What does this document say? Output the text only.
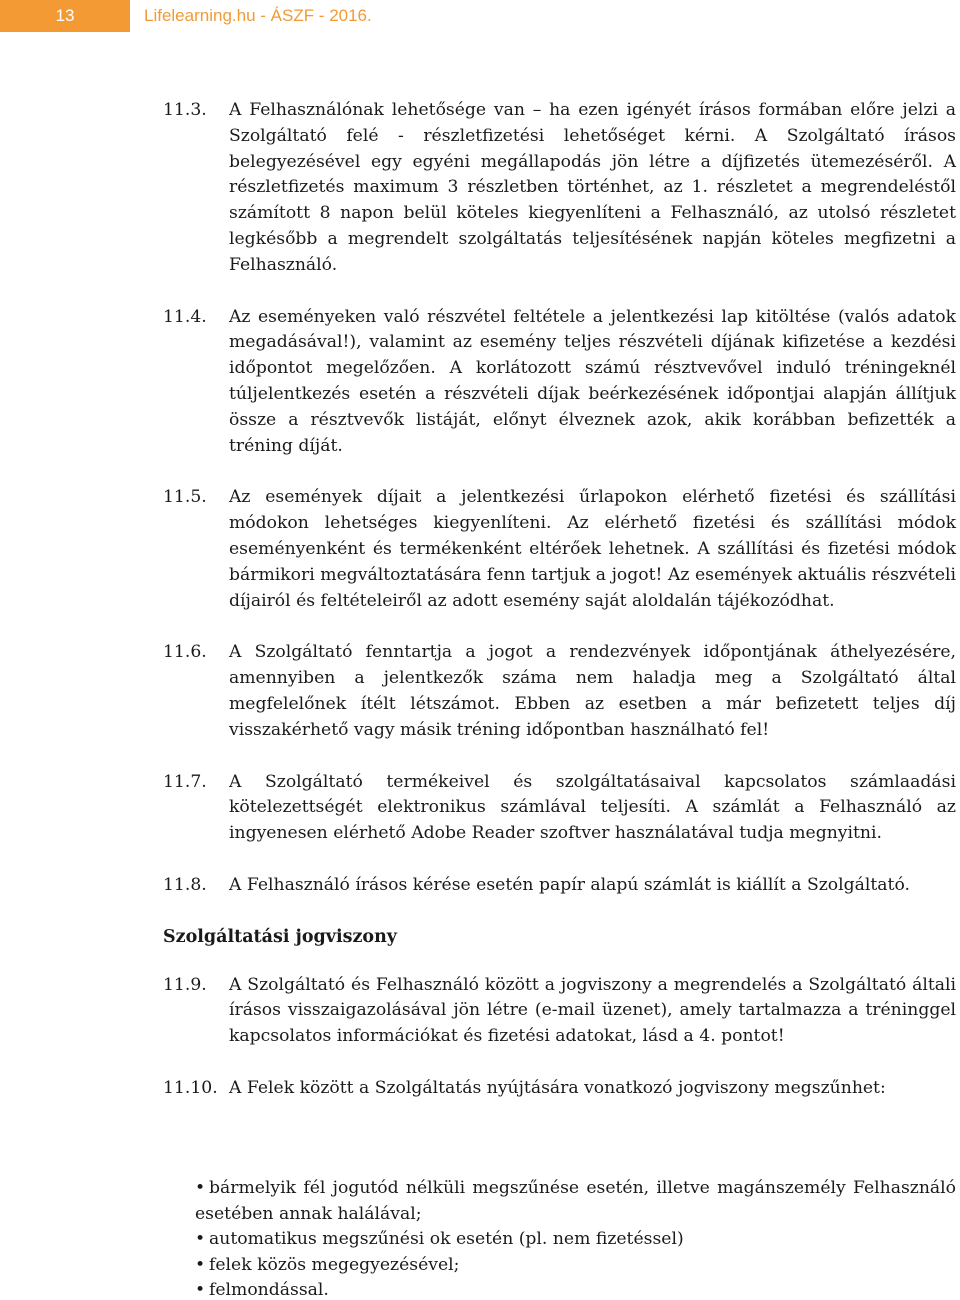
13	Lifelearning.hu - ÁSZF - 2016.
11.3.	A Felhasználónak lehetősége van – ha ezen igényét írásos formában előre jelzi a Szolgáltató felé - részletfizetési lehetőséget kérni. A Szolgáltató írásos belegyezésével egy egyéni megállapodás jön létre a díjfizetés ütemezéséről. A részletfizetés maximum 3 részletben történhet, az 1. részletet a megrendeléstől számított 8 napon belül köteles kiegyenlíteni a Felhasználó, az utolsó részletet legkésőbb a megrendelt szolgáltatás teljesítésének napján köteles megfizetni a Felhasználó.
11.4.	Az eseményeken való részvétel feltétele a jelentkezési lap kitöltése (valós adatok megadásával!), valamint az esemény teljes részvételi díjának kifizetése a kezdési időpontot megelőzően. A korlátozott számú résztvevővel induló tréningeknél túljelentkezés esetén a részvételi díjak beérkezésének időpontjai alapján állítjuk össze a résztvevők listáját, előnyt élveznek azok, akik korábban befizették a tréning díját.
11.5.	Az események díjait a jelentkezési űrlapokon elérhető fizetési és szállítási módokon lehetséges kiegyenlíteni. Az elérhető fizetési és szállítási módok eseményenként és termékenként eltérőek lehetnek. A szállítási és fizetési módok bármikori megváltoztatására fenn tartjuk a jogot! Az események aktuális részvételi díjairól és feltételeiről az adott esemény saját aloldalán tájékozódhat.
11.6.	A Szolgáltató fenntartja a jogot a rendezvények időpontjának áthelyezésére, amennyiben a jelentkezők száma nem haladja meg a Szolgáltató által megfelelőnek ítélt létszámot. Ebben az esetben a már befizetett teljes díj visszakérhető vagy másik tréning időpontban használható fel!
11.7.	A Szolgáltató termékeivel és szolgáltatásaival kapcsolatos számlaadási kötelezettségét elektronikus számlával teljesíti. A számlát a Felhasználó az ingyenesen elérhető Adobe Reader szoftver használatával tudja megnyitni.
11.8.	A Felhasználó írásos kérése esetén papír alapú számlát is kiállít a Szolgáltató.
Szolgáltatási jogviszony
11.9.	A Szolgáltató és Felhasználó között a jogviszony a megrendelés a Szolgáltató általi írásos visszaigazolásával jön létre (e-mail üzenet), amely tartalmazza a tréninggel kapcsolatos információkat és fizetési adatokat, lásd a 4. pontot!
11.10. A Felek között a Szolgáltatás nyújtására vonatkozó jogviszony megszűnhet:
• bármelyik fél jogutód nélküli megszűnése esetén, illetve magánszemély Felhasználó esetében annak halálával;
• automatikus megszűnési ok esetén (pl. nem fizetéssel)
• felek közös megegyezésével;
• felmondással.
